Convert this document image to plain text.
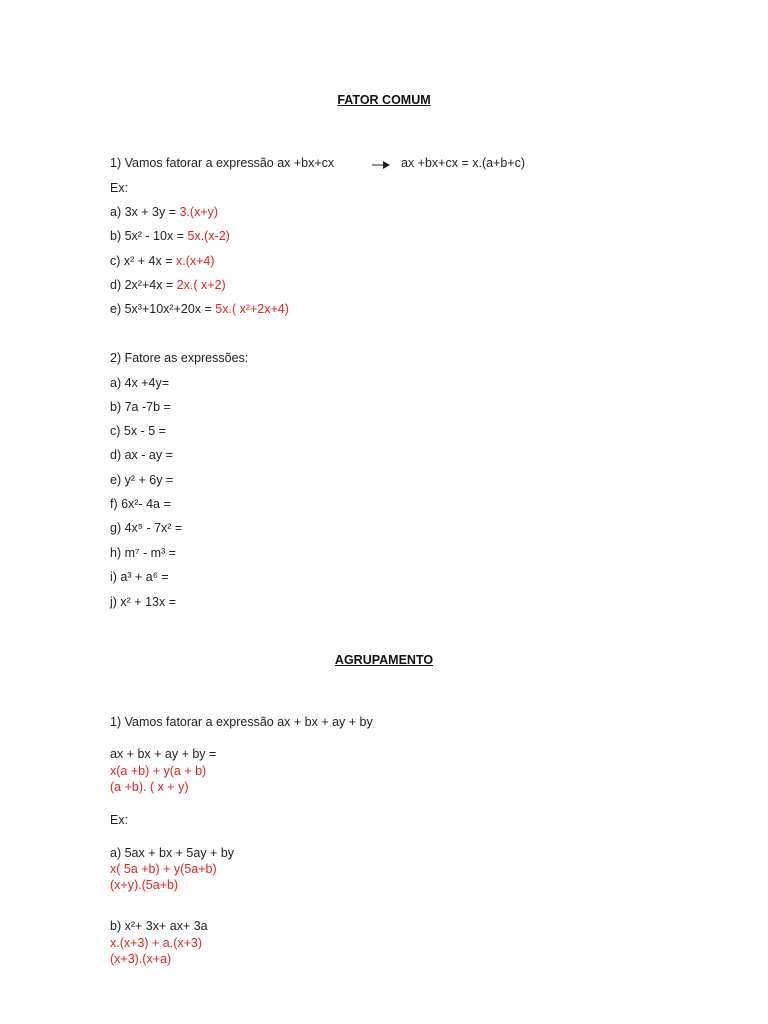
FATOR COMUM
1) Vamos fatorar a expressão ax +bx+cx	ax +bx+cx = x.(a+b+c)
Ex:
a) 3x + 3y = 3.(x+y)
b) 5x² - 10x = 5x.(x-2)
c) x² + 4x = x.(x+4)
d) 2x²+4x = 2x.( x+2)
e) 5x³+10x²+20x = 5x.( x²+2x+4)
2) Fatore as expressões:
a) 4x +4y=
b) 7a -7b =
c) 5x - 5 =
d) ax - ay =
e) y² + 6y =
f) 6x²- 4a =
g) 4x⁵ - 7x² =
h) m⁷ - m³ =
i) a³ + a⁶ =
j) x² + 13x =
AGRUPAMENTO
1) Vamos fatorar a expressão ax + bx + ay + by
ax + bx + ay + by =
x(a +b) + y(a + b)
(a +b). ( x + y)
Ex:
a) 5ax + bx + 5ay + by
x( 5a +b) + y(5a+b)
(x+y).(5a+b)
b) x²+ 3x+ ax+ 3a
x.(x+3) + a.(x+3)
(x+3).(x+a)
